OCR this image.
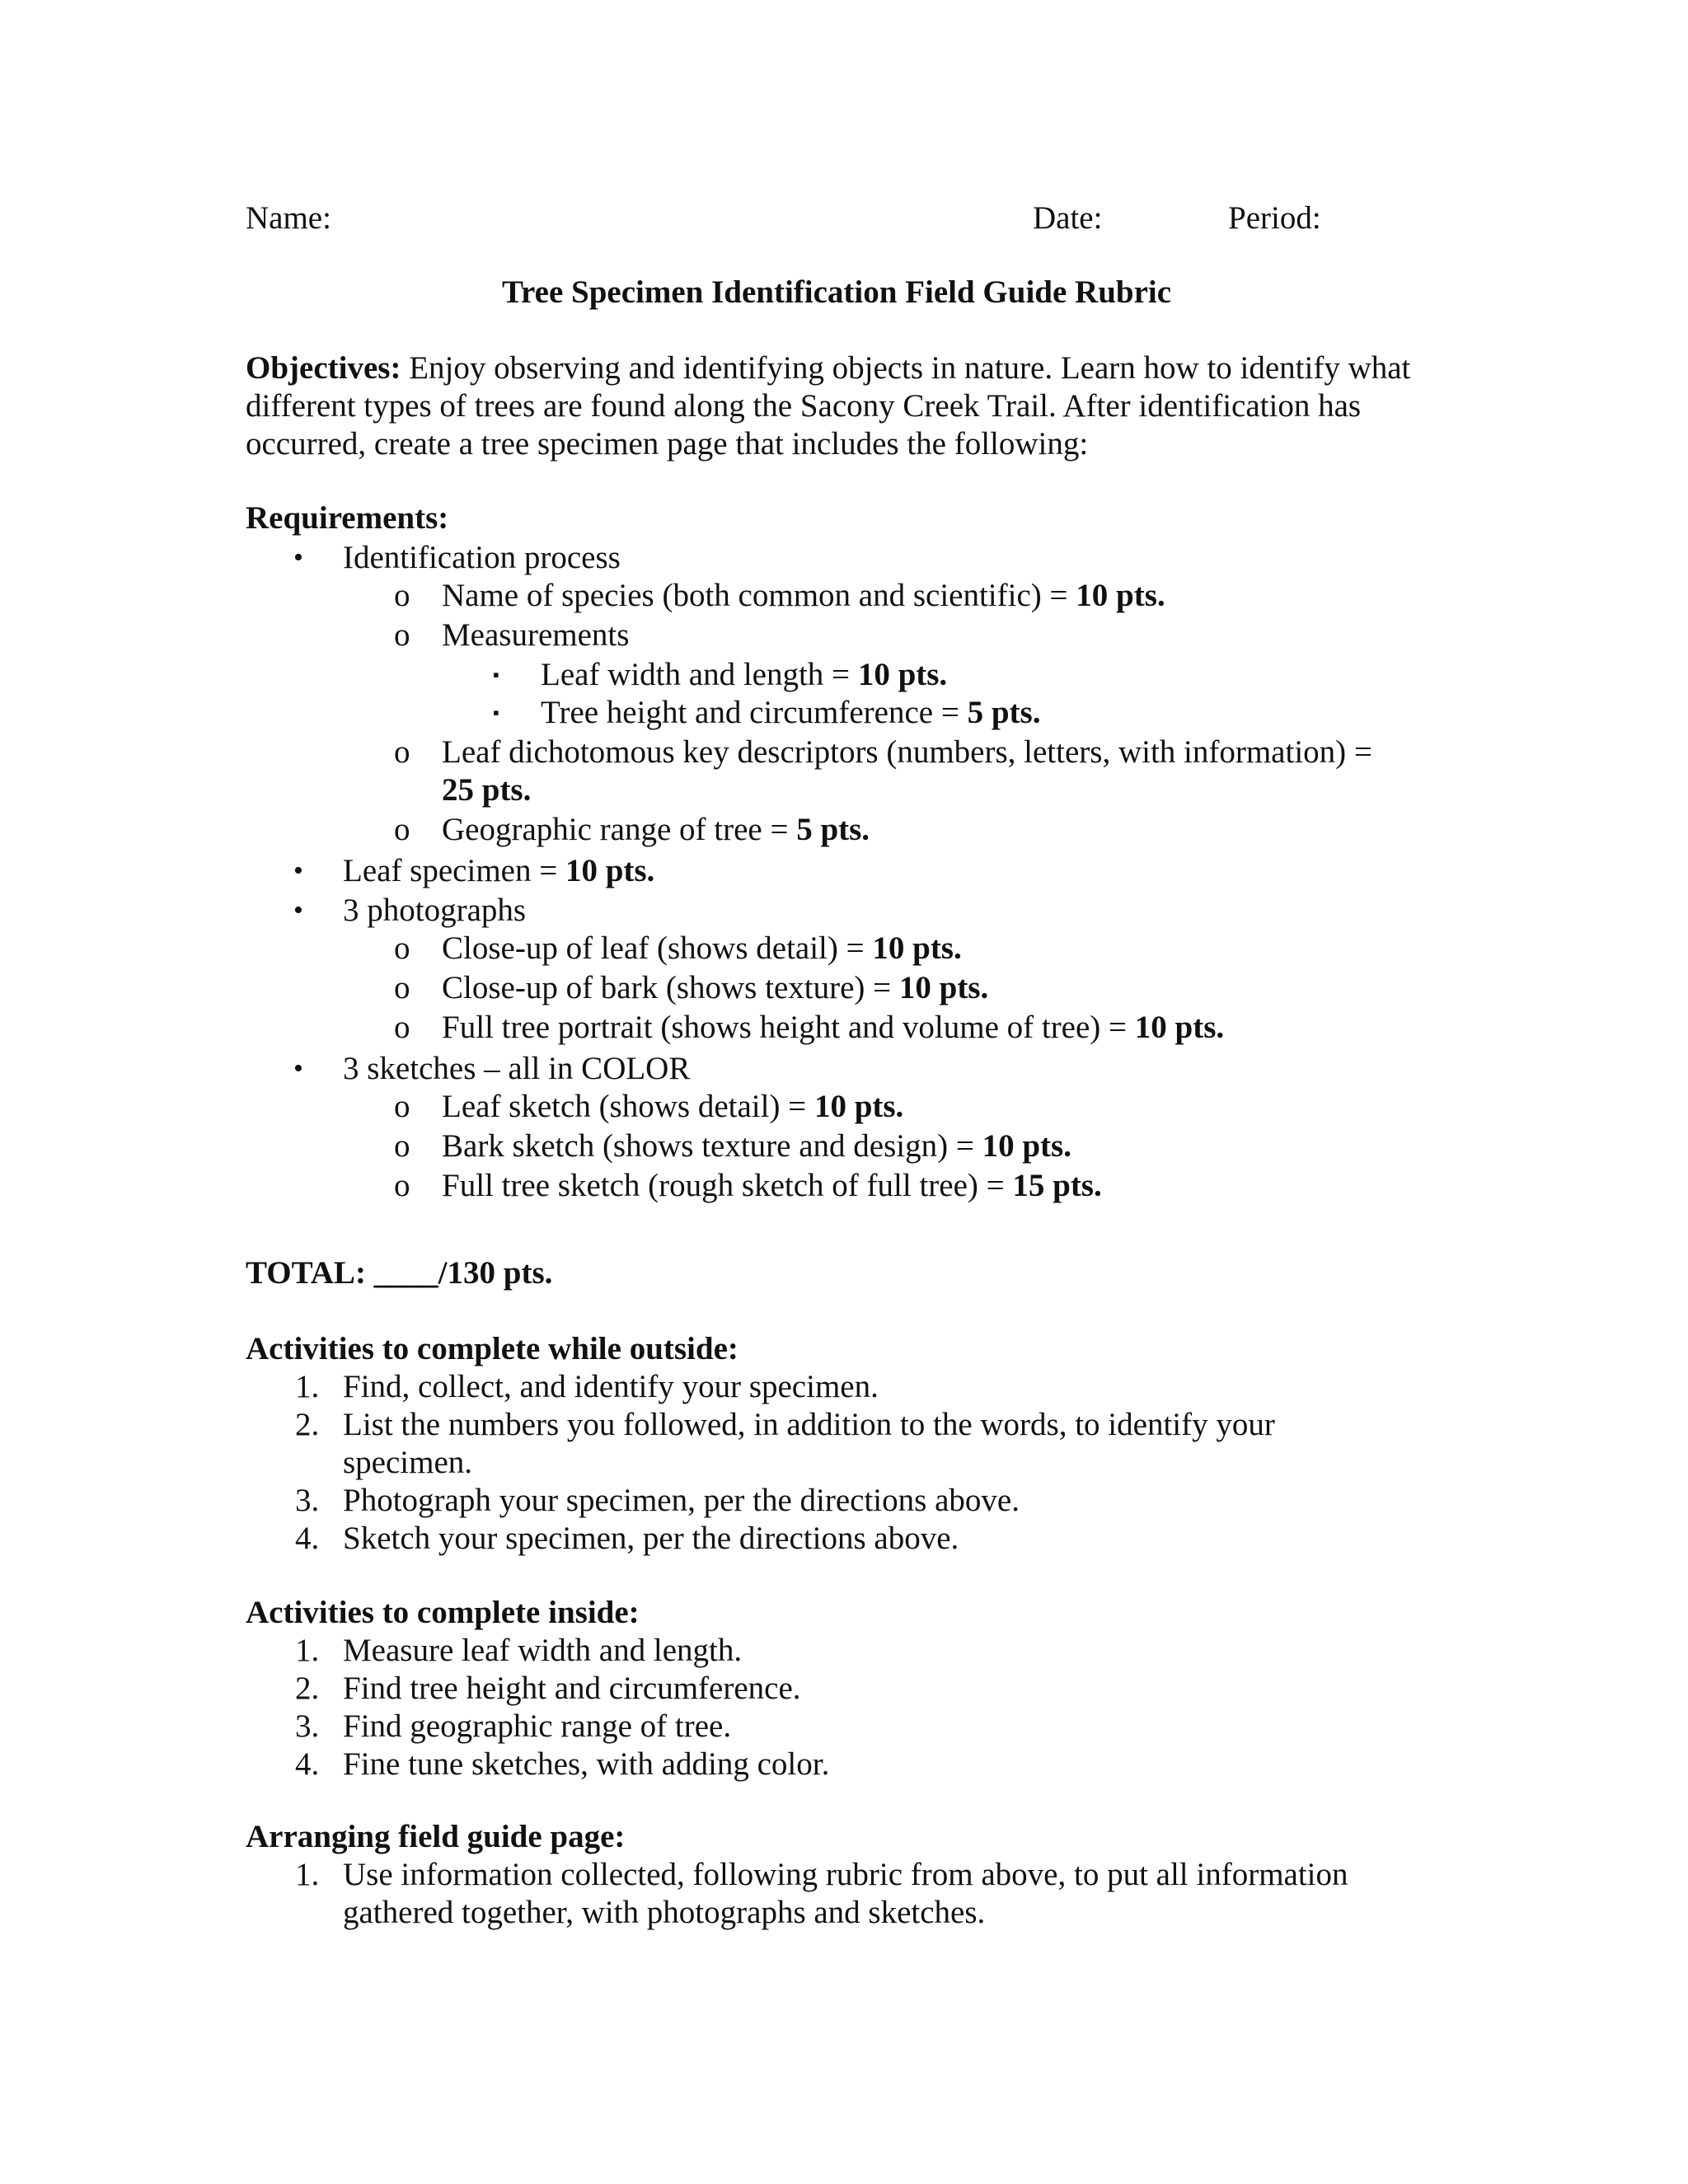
Name:	Date:	Period:
Tree Specimen Identification Field Guide Rubric
Objectives: Enjoy observing and identifying objects in nature. Learn how to identify what different types of trees are found along the Sacony Creek Trail. After identification has occurred, create a tree specimen page that includes the following:
Requirements:
• Identification process
o Name of species (both common and scientific) = 10 pts.
o Measurements
▪ Leaf width and length = 10 pts.
▪ Tree height and circumference = 5 pts.
o Leaf dichotomous key descriptors (numbers, letters, with information) =
25 pts.
o Geographic range of tree = 5 pts.
• Leaf specimen = 10 pts.
• 3 photographs
o Close-up of leaf (shows detail) = 10 pts.
o Close-up of bark (shows texture) = 10 pts.
o Full tree portrait (shows height and volume of tree) = 10 pts.
• 3 sketches – all in COLOR
o Leaf sketch (shows detail) = 10 pts.
o Bark sketch (shows texture and design) = 10 pts.
o Full tree sketch (rough sketch of full tree) = 15 pts.
TOTAL: ____/130 pts.
Activities to complete while outside:
1. Find, collect, and identify your specimen.
2. List the numbers you followed, in addition to the words, to identify your
specimen.
3. Photograph your specimen, per the directions above.
4. Sketch your specimen, per the directions above.
Activities to complete inside:
1. Measure leaf width and length.
2. Find tree height and circumference.
3. Find geographic range of tree.
4. Fine tune sketches, with adding color.
Arranging field guide page:
1. Use information collected, following rubric from above, to put all information
gathered together, with photographs and sketches.
